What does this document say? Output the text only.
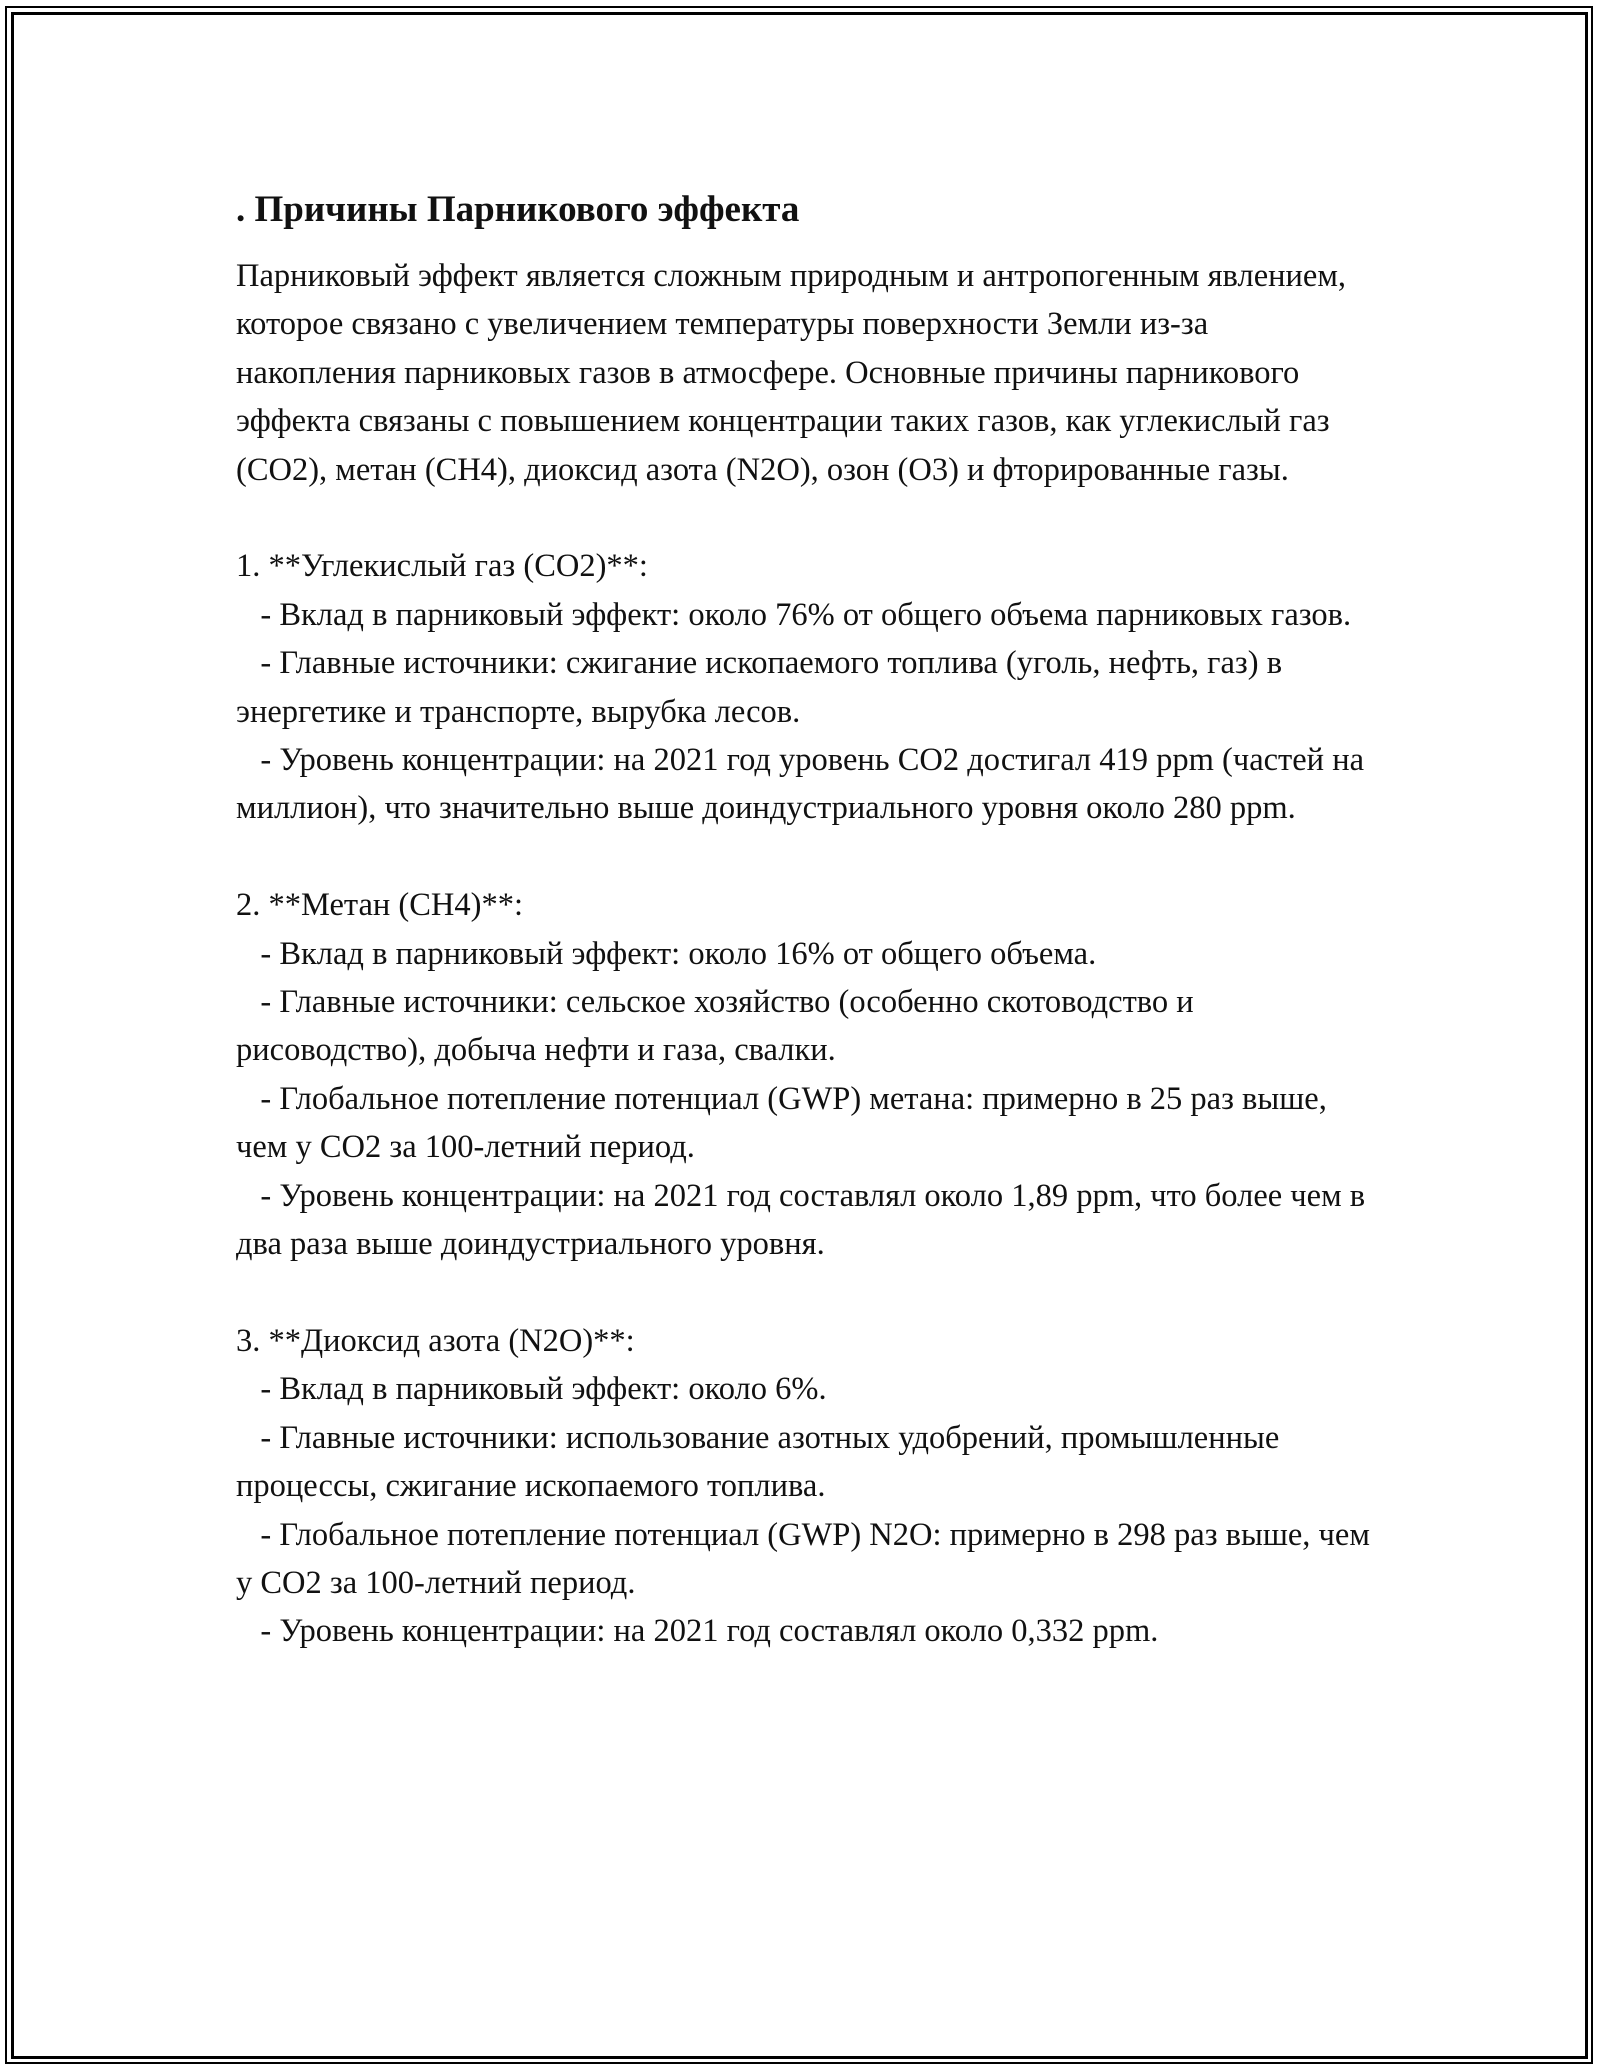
. Причины Парникового эффекта

Парниковый эффект является сложным природным и антропогенным явлением, которое связано с увеличением температуры поверхности Земли из-за накопления парниковых газов в атмосфере. Основные причины парникового эффекта связаны с повышением концентрации таких газов, как углекислый газ (CO2), метан (CH4), диоксид азота (N2O), озон (O3) и фторированные газы.

1. **Углекислый газ (CO2)**:
- Вклад в парниковый эффект: около 76% от общего объема парниковых газов.
- Главные источники: сжигание ископаемого топлива (уголь, нефть, газ) в энергетике и транспорте, вырубка лесов.
- Уровень концентрации: на 2021 год уровень CO2 достигал 419 ppm (частей на миллион), что значительно выше доиндустриального уровня около 280 ppm.
2. **Метан (CH4)**:
- Вклад в парниковый эффект: около 16% от общего объема.
- Главные источники: сельское хозяйство (особенно скотоводство и рисоводство), добыча нефти и газа, свалки.
- Глобальное потепление потенциал (GWP) метана: примерно в 25 раз выше, чем у CO2 за 100-летний период.
- Уровень концентрации: на 2021 год составлял около 1,89 ppm, что более чем в два раза выше доиндустриального уровня.
3. **Диоксид азота (N2O)**:
- Вклад в парниковый эффект: около 6%.
- Главные источники: использование азотных удобрений, промышленные процессы, сжигание ископаемого топлива.
- Глобальное потепление потенциал (GWP) N2O: примерно в 298 раз выше, чем у CO2 за 100-летний период.
- Уровень концентрации: на 2021 год составлял около 0,332 ppm.
